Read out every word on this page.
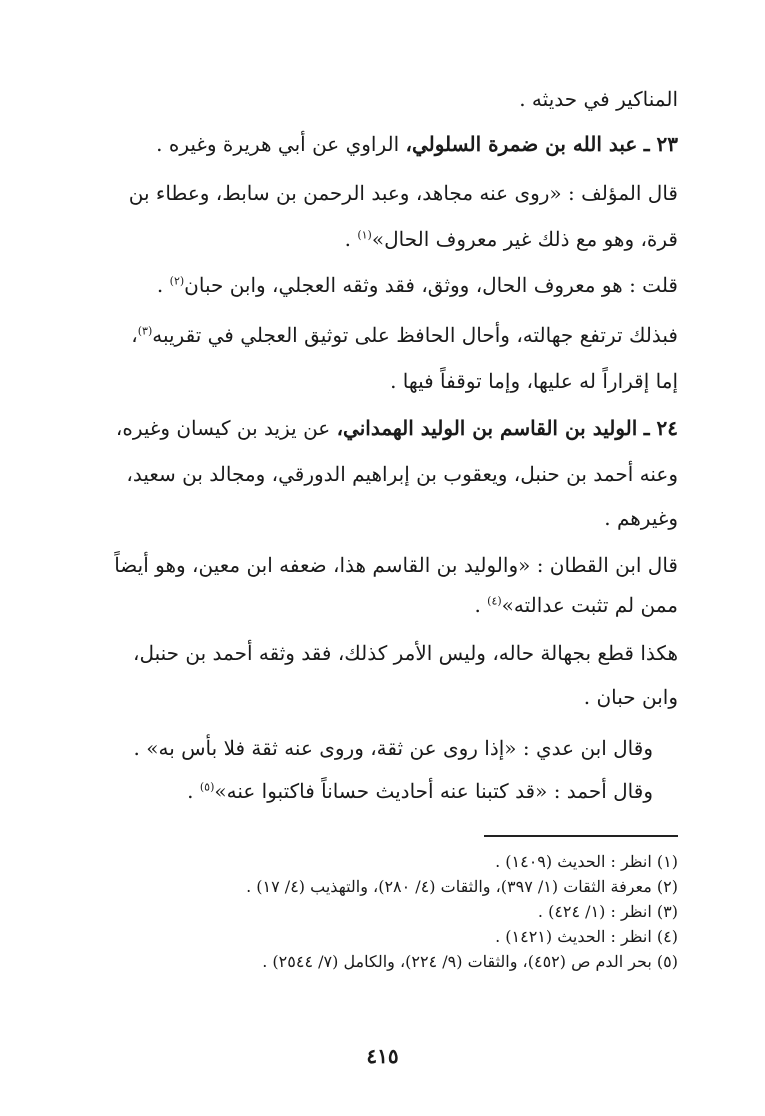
المناكير في حديثه .
٢٣ ـ عبد الله بن ضمرة السلولي، الراوي عن أبي هريرة وغيره .
قال المؤلف : «روى عنه مجاهد، وعبد الرحمن بن سابط، وعطاء بن
قرة، وهو مع ذلك غير معروف الحال»$^{(١)}$ .
قلت : هو معروف الحال، ووثق، فقد وثقه العجلي، وابن حبان$^{(٢)}$ .
فبذلك ترتفع جهالته، وأحال الحافظ على توثيق العجلي في تقريبه$^{(٣)}$،
إما إقراراً له عليها، وإما توقفاً فيها .
٢٤ ـ الوليد بن القاسم بن الوليد الهمداني، عن يزيد بن كيسان وغيره،
وعنه أحمد بن حنبل، ويعقوب بن إبراهيم الدورقي، ومجالد بن سعيد،
وغيرهم .
قال ابن القطان : «والوليد بن القاسم هذا، ضعفه ابن معين، وهو أيضاً
ممن لم تثبت عدالته»$^{(٤)}$ .
هكذا قطع بجهالة حاله، وليس الأمر كذلك، فقد وثقه أحمد بن حنبل،
وابن حبان .
وقال ابن عدي : «إذا روى عن ثقة، وروى عنه ثقة فلا بأس به» .
وقال أحمد : «قد كتبنا عنه أحاديث حساناً فاكتبوا عنه»$^{(٥)}$ .
(١) انظر : الحديث (١٤٠٩) .
(٢) معرفة الثقات (١/ ٣٩٧)، والثقات (٤/ ٢٨٠)، والتهذيب (٤/ ١٧) .
(٣) انظر : (١/ ٤٢٤) .
(٤) انظر : الحديث (١٤٢١) .
(٥) بحر الدم ص (٤٥٢)، والثقات (٩/ ٢٢٤)، والكامل (٧/ ٢٥٤٤) .
٤١٥
